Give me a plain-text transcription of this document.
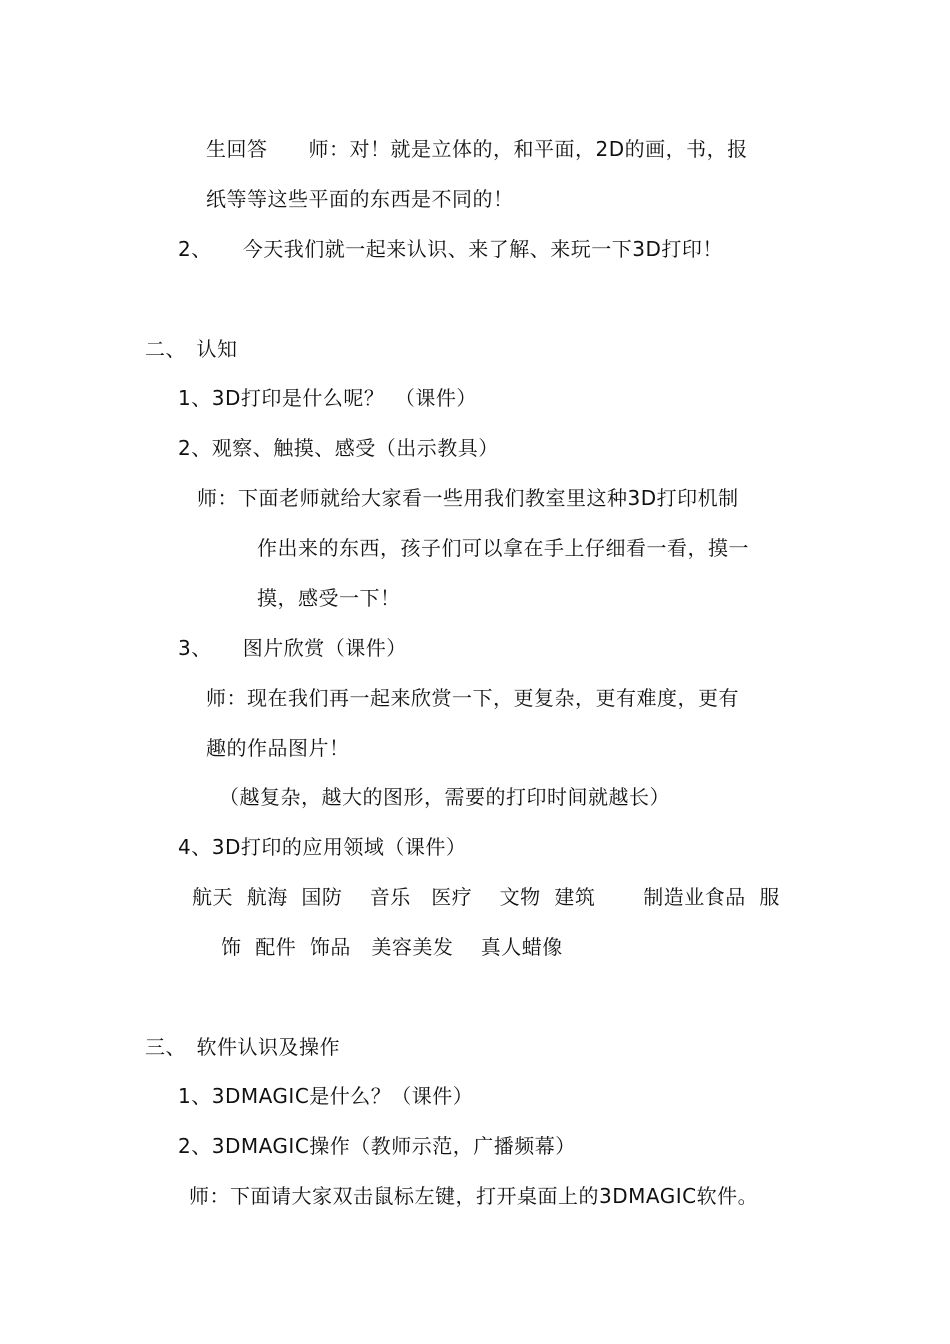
生回答　　师：对！就是立体的，和平面，2D的画，书，报
纸等等这些平面的东西是不同的！
2、　　今天我们就一起来认识、来了解、来玩一下3D打印！
二、　认知
1、3D打印是什么呢？　（课件）
2、观察、触摸、感受（出示教具）
师：下面老师就给大家看一些用我们教室里这种3D打印机制
作出来的东西，孩子们可以拿在手上仔细看一看，摸一
摸，感受一下！
3、　　图片欣赏（课件）
师：现在我们再一起来欣赏一下，更复杂，更有难度，更有
趣的作品图片！
（越复杂，越大的图形，需要的打印时间就越长）
4、3D打印的应用领域（课件）
航天  航海  国防　 音乐　医疗　 文物  建筑　　 制造业食品  服
饰  配件  饰品　美容美发　 真人蜡像
三、　软件认识及操作
1、3DMAGIC是什么？（课件）
2、3DMAGIC操作（教师示范，广播频幕）
师：下面请大家双击鼠标左键，打开桌面上的3DMAGIC软件。
